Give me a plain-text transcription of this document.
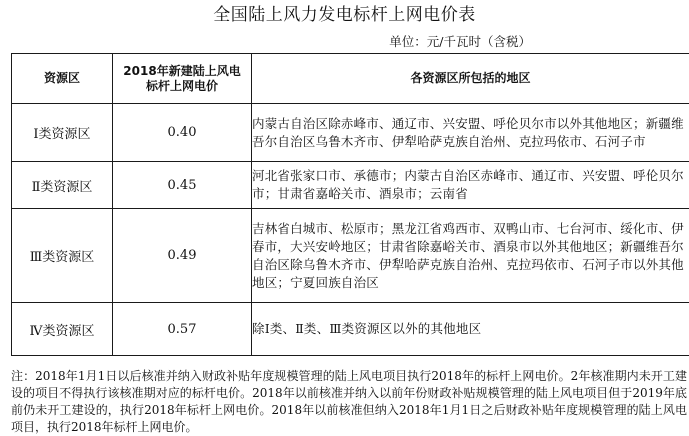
全国陆上风力发电标杆上网电价表
单位：元/千瓦时（含税）
资源区	2018年新建陆上风电标杆上网电价	各资源区所包括的地区
Ⅰ类资源区	0.40	内蒙古自治区除赤峰市、通辽市、兴安盟、呼伦贝尔市以外其他地区；新疆维吾尔自治区乌鲁木齐市、伊犁哈萨克族自治州、克拉玛依市、石河子市
Ⅱ类资源区	0.45	河北省张家口市、承德市；内蒙古自治区赤峰市、通辽市、兴安盟、呼伦贝尔市；甘肃省嘉峪关市、酒泉市；云南省
Ⅲ类资源区	0.49	吉林省白城市、松原市；黑龙江省鸡西市、双鸭山市、七台河市、绥化市、伊春市，大兴安岭地区；甘肃省除嘉峪关市、酒泉市以外其他地区；新疆维吾尔自治区除乌鲁木齐市、伊犁哈萨克族自治州、克拉玛依市、石河子市以外其他地区；宁夏回族自治区
Ⅳ类资源区	0.57	除Ⅰ类、Ⅱ类、Ⅲ类资源区以外的其他地区
注：2018年1月1日以后核准并纳入财政补贴年度规模管理的陆上风电项目执行2018年的标杆上网电价。2年核准期内未开工建设的项目不得执行该核准期对应的标杆电价。2018年以前核准并纳入以前年份财政补贴规模管理的陆上风电项目但于2019年底前仍未开工建设的，执行2018年标杆上网电价。2018年以前核准但纳入2018年1月1日之后财政补贴年度规模管理的陆上风电项目，执行2018年标杆上网电价。
